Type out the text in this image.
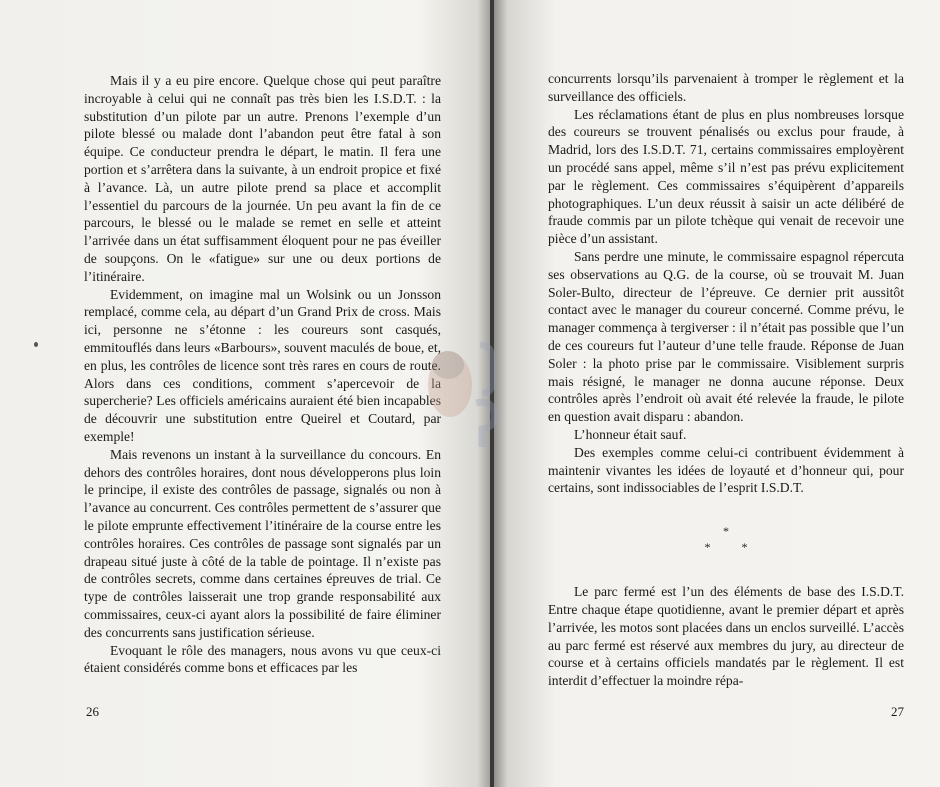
Mais il y a eu pire encore. Quelque chose qui peut paraître incroyable à celui qui ne connaît pas très bien les I.S.D.T. : la substitution d’un pilote par un autre. Prenons l’exemple d’un pilote blessé ou malade dont l’abandon peut être fatal à son équipe. Ce conducteur prendra le départ, le matin. Il fera une portion et s’arrêtera dans la suivante, à un endroit propice et fixé à l’avance. Là, un autre pilote prend sa place et accomplit l’essentiel du parcours de la journée. Un peu avant la fin de ce parcours, le blessé ou le malade se remet en selle et atteint l’arrivée dans un état suffisamment éloquent pour ne pas éveiller de soupçons. On le «fatigue» sur une ou deux portions de l’itinéraire.

Evidemment, on imagine mal un Wolsink ou un Jonsson remplacé, comme cela, au départ d’un Grand Prix de cross. Mais ici, personne ne s’étonne : les coureurs sont casqués, emmitouflés dans leurs «Barbours», souvent maculés de boue, et, en plus, les contrôles de licence sont très rares en cours de route. Alors dans ces conditions, comment s’apercevoir de la supercherie? Les officiels américains auraient été bien incapables de découvrir une substitution entre Queirel et Coutard, par exemple!

Mais revenons un instant à la surveillance du concours. En dehors des contrôles horaires, dont nous développerons plus loin le principe, il existe des contrôles de passage, signalés ou non à l’avance au concurrent. Ces contrôles permettent de s’assurer que le pilote emprunte effectivement l’itinéraire de la course entre les contrôles horaires. Ces contrôles de passage sont signalés par un drapeau situé juste à côté de la table de pointage. Il n’existe pas de contrôles secrets, comme dans certaines épreuves de trial. Ce type de contrôles laisserait une trop grande responsabilité aux commissaires, ceux-ci ayant alors la possibilité de faire éliminer des concurrents sans justification sérieuse.

Evoquant le rôle des managers, nous avons vu que ceux-ci étaient considérés comme bons et efficaces par les

26

concurrents lorsqu’ils parvenaient à tromper le règlement et la surveillance des officiels.

Les réclamations étant de plus en plus nombreuses lorsque des coureurs se trouvent pénalisés ou exclus pour fraude, à Madrid, lors des I.S.D.T. 71, certains commissaires employèrent un procédé sans appel, même s’il n’est pas prévu explicitement par le règlement. Ces commissaires s’équipèrent d’appareils photographiques. L’un deux réussit à saisir un acte délibéré de fraude commis par un pilote tchèque qui venait de recevoir une pièce d’un assistant.

Sans perdre une minute, le commissaire espagnol répercuta ses observations au Q.G. de la course, où se trouvait M. Juan Soler-Bulto, directeur de l’épreuve. Ce dernier prit aussitôt contact avec le manager du coureur concerné. Comme prévu, le manager commença à tergiverser : il n’était pas possible que l’un de ces coureurs fut l’auteur d’une telle fraude. Réponse de Juan Soler : la photo prise par le commissaire. Visiblement surpris mais résigné, le manager ne donna aucune réponse. Deux contrôles après l’endroit où avait été relevée la fraude, le pilote en question avait disparu : abandon.

L’honneur était sauf.

Des exemples comme celui-ci contribuent évidemment à maintenir vivantes les idées de loyauté et d’honneur qui, pour certains, sont indissociables de l’esprit I.S.D.T.

*
* *

Le parc fermé est l’un des éléments de base des I.S.D.T. Entre chaque étape quotidienne, avant le premier départ et après l’arrivée, les motos sont placées dans un enclos surveillé. L’accès au parc fermé est réservé aux membres du jury, au directeur de course et à certains officiels mandatés par le règlement. Il est interdit d’effectuer la moindre répa-

27
